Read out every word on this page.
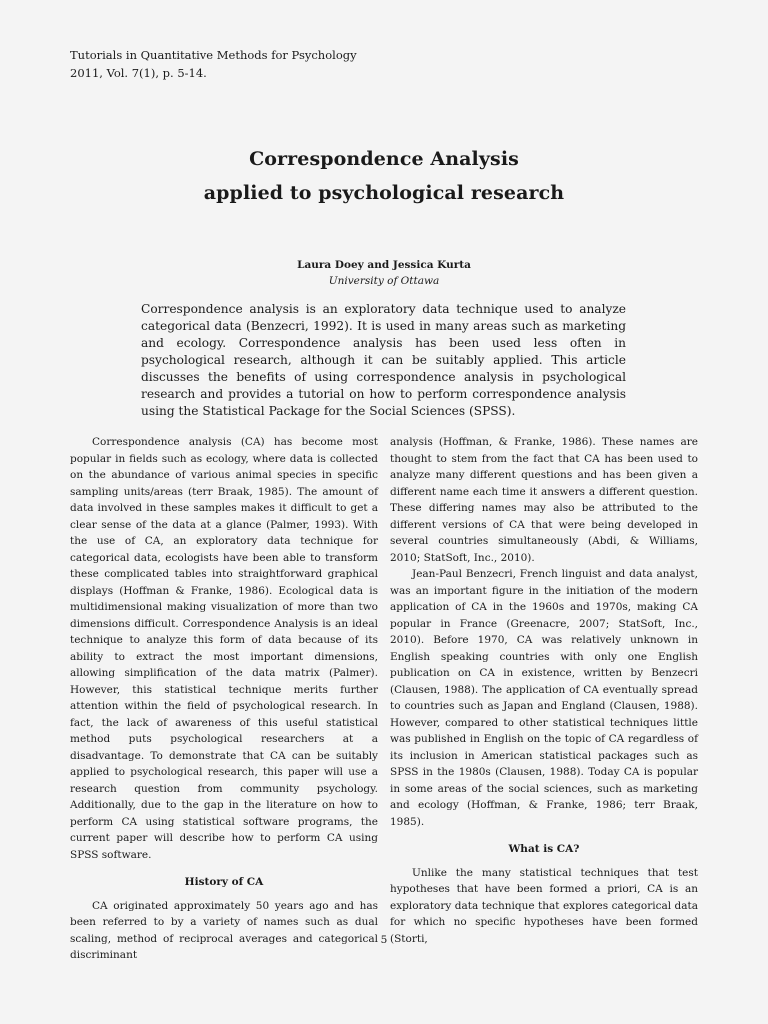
Tutorials in Quantitative Methods for Psychology
2011, Vol. 7(1), p. 5-14.
Correspondence Analysis
applied to psychological research
Laura Doey and Jessica Kurta
University of Ottawa
Correspondence analysis is an exploratory data technique used to analyze categorical data (Benzecri, 1992). It is used in many areas such as marketing and ecology. Correspondence analysis has been used less often in psychological research, although it can be suitably applied. This article discusses the benefits of using correspondence analysis in psychological research and provides a tutorial on how to perform correspondence analysis using the Statistical Package for the Social Sciences (SPSS).

Correspondence analysis (CA) has become most popular in fields such as ecology, where data is collected on the abundance of various animal species in specific sampling units/areas (terr Braak, 1985). The amount of data involved in these samples makes it difficult to get a clear sense of the data at a glance (Palmer, 1993). With the use of CA, an exploratory data technique for categorical data, ecologists have been able to transform these complicated tables into straightforward graphical displays (Hoffman & Franke, 1986). Ecological data is multidimensional making visualization of more than two dimensions difficult. Correspondence Analysis is an ideal technique to analyze this form of data because of its ability to extract the most important dimensions, allowing simplification of the data matrix (Palmer). However, this statistical technique merits further attention within the field of psychological research. In fact, the lack of awareness of this useful statistical method puts psychological researchers at a disadvantage. To demonstrate that CA can be suitably applied to psychological research, this paper will use a research question from community psychology. Additionally, due to the gap in the literature on how to perform CA using statistical software programs, the current paper will describe how to perform CA using SPSS software.

History of CA

CA originated approximately 50 years ago and has been referred to by a variety of names such as dual scaling, method of reciprocal averages and categorical discriminant

analysis (Hoffman, & Franke, 1986). These names are thought to stem from the fact that CA has been used to analyze many different questions and has been given a different name each time it answers a different question. These differing names may also be attributed to the different versions of CA that were being developed in several countries simultaneously (Abdi, & Williams, 2010; StatSoft, Inc., 2010).

Jean-Paul Benzecri, French linguist and data analyst, was an important figure in the initiation of the modern application of CA in the 1960s and 1970s, making CA popular in France (Greenacre, 2007; StatSoft, Inc., 2010). Before 1970, CA was relatively unknown in English speaking countries with only one English publication on CA in existence, written by Benzecri (Clausen, 1988). The application of CA eventually spread to countries such as Japan and England (Clausen, 1988). However, compared to other statistical techniques little was published in English on the topic of CA regardless of its inclusion in American statistical packages such as SPSS in the 1980s (Clausen, 1988). Today CA is popular in some areas of the social sciences, such as marketing and ecology (Hoffman, & Franke, 1986; terr Braak, 1985).

What is CA?

Unlike the many statistical techniques that test hypotheses that have been formed a priori, CA is an exploratory data technique that explores categorical data for which no specific hypotheses have been formed (Storti,

5
